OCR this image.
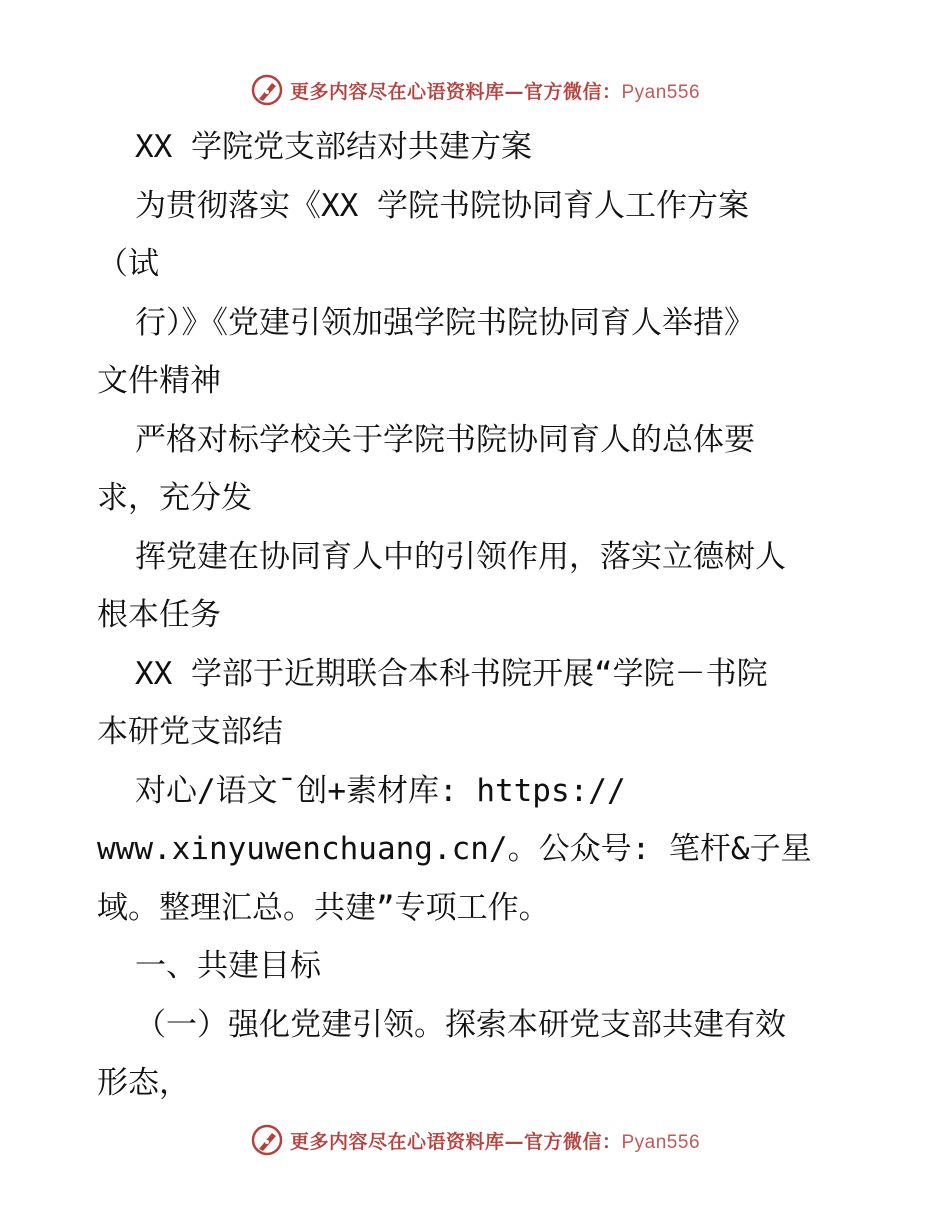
更多内容尽在心语资料库—官方微信：Pyan556
XX 学院党支部结对共建方案
为贯彻落实《XX 学院书院协同育人工作方案
（试
行）》《党建引领加强学院书院协同育人举措》
文件精神
严格对标学校关于学院书院协同育人的总体要
求，充分发
挥党建在协同育人中的引领作用，落实立德树人
根本任务
XX 学部于近期联合本科书院开展“学院－书院
本研党支部结
对心/语文¯创+素材库: https://
www.xinyuwenchuang.cn/。公众号: 笔杆&子星
域。整理汇总。共建”专项工作。
一、共建目标
（一）强化党建引领。探索本研党支部共建有效
形态，
更多内容尽在心语资料库—官方微信：Pyan556
